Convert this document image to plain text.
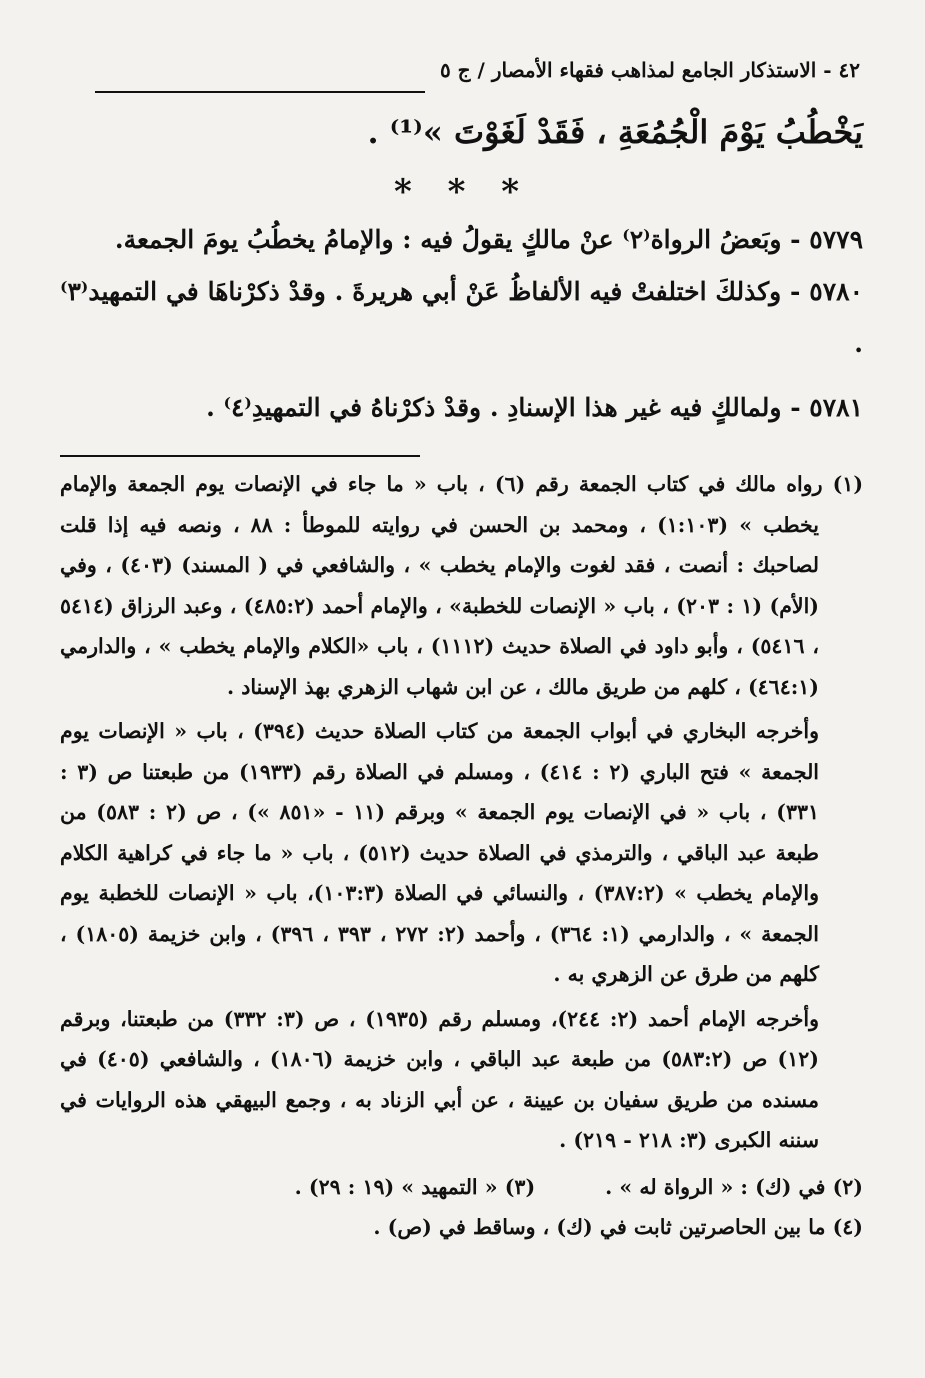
٤٢ - الاستذكار الجامع لمذاهب فقهاء الأمصار / ج ٥
يَخْطُبُ يَوْمَ الْجُمُعَةِ ، فَقَدْ لَغَوْتَ »⁽¹⁾ .
* * *

٥٧٧٩ - وبَعضُ الرواة⁽٢⁾ عنْ مالكٍ يقولُ فيه : والإمامُ يخطُبُ يومَ الجمعة.

٥٧٨٠ - وكذلكَ اختلفتْ فيه الألفاظُ عَنْ أبي هريرةَ . وقدْ ذكرْناهَا في التمهيد⁽٣⁾ .

٥٧٨١ - ولمالكٍ فيه غير هذا الإسنادِ . وقدْ ذكرْناهُ في التمهيدِ⁽٤⁾ .

(١) رواه مالك في كتاب الجمعة رقم (٦) ، باب « ما جاء في الإنصات يوم الجمعة والإمام يخطب » (١:١٠٣) ، ومحمد بن الحسن في روايته للموطأ : ٨٨ ، ونصه فيه إذا قلت لصاحبك : أنصت ، فقد لغوت والإمام يخطب » ، والشافعي في ( المسند) (٤٠٣) ، وفي (الأم) (١ : ٢٠٣) ، باب « الإنصات للخطبة» ، والإمام أحمد (٤٨٥:٢) ، وعبد الرزاق (٥٤١٤ ، ٥٤١٦) ، وأبو داود في الصلاة حديث (١١١٢) ، باب «الكلام والإمام يخطب » ، والدارمي (٤٦٤:١) ، كلهم من طريق مالك ، عن ابن شهاب الزهري بهذ الإسناد .

وأخرجه البخاري في أبواب الجمعة من كتاب الصلاة حديث (٣٩٤) ، باب « الإنصات يوم الجمعة » فتح الباري (٢ : ٤١٤) ، ومسلم في الصلاة رقم (١٩٣٣) من طبعتنا ص (٣ : ٣٣١) ، باب « في الإنصات يوم الجمعة » وبرقم (١١ - «٨٥١ ») ، ص (٢ : ٥٨٣) من طبعة عبد الباقي ، والترمذي في الصلاة حديث (٥١٢) ، باب « ما جاء في كراهية الكلام والإمام يخطب » (٣٨٧:٢) ، والنسائي في الصلاة (١٠٣:٣)، باب « الإنصات للخطبة يوم الجمعة » ، والدارمي (١: ٣٦٤) ، وأحمد (٢: ٢٧٢ ، ٣٩٣ ، ٣٩٦) ، وابن خزيمة (١٨٠٥) ، كلهم من طرق عن الزهري به .

وأخرجه الإمام أحمد (٢: ٢٤٤)، ومسلم رقم (١٩٣٥) ، ص (٣: ٣٣٢) من طبعتنا، وبرقم (١٢) ص (٥٨٣:٢) من طبعة عبد الباقي ، وابن خزيمة (١٨٠٦) ، والشافعي (٤٠٥) في مسنده من طريق سفيان بن عيينة ، عن أبي الزناد به ، وجمع البيهقي هذه الروايات في سننه الكبرى (٣: ٢١٨ - ٢١٩) .

(٢) في (ك) : « الرواة له » .
(٣) « التمهيد » (١٩ : ٢٩) .

(٤) ما بين الحاصرتين ثابت في (ك) ، وساقط في (ص) .
